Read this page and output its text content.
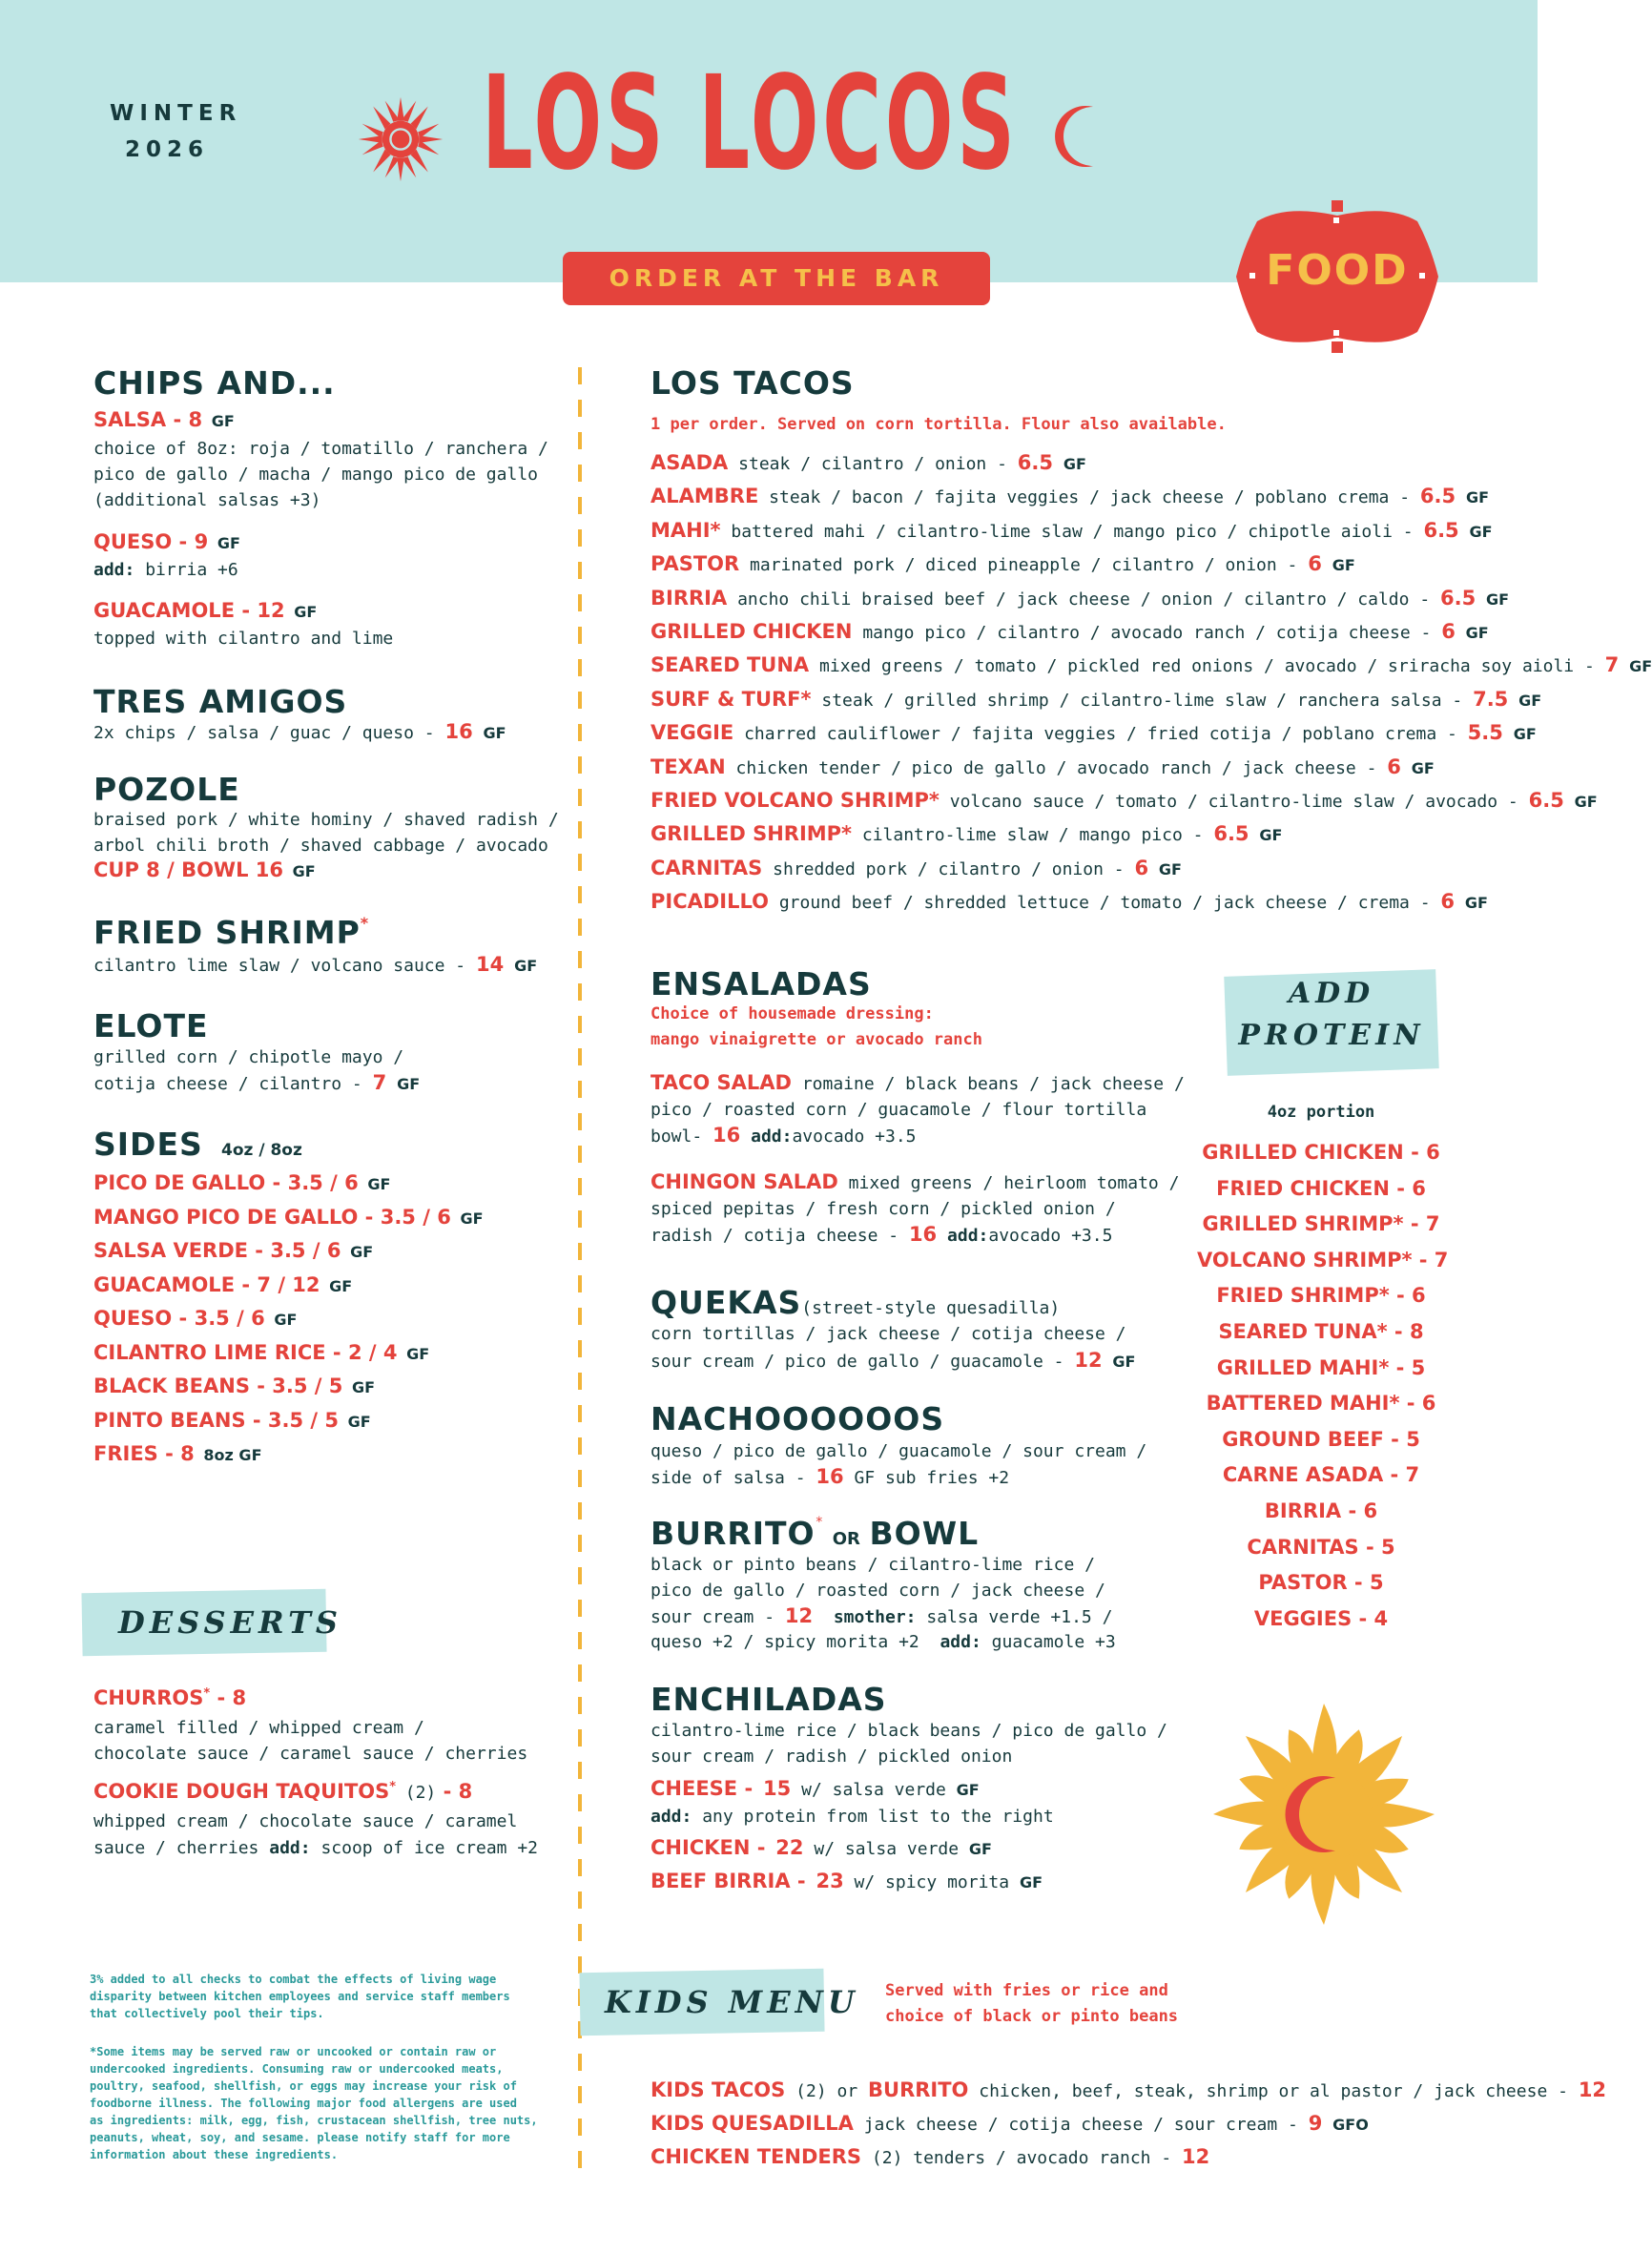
WINTER
2026 LOS LOCOS
ORDER AT THE BAR	FOOD
CHIPS AND...
SALSA - 8 GF
choice of 8oz: roja / tomatillo / ranchera /
pico de gallo / macha / mango pico de gallo
(additional salsas +3)
QUESO - 9 GF
add: birria +6
GUACAMOLE - 12 GF
topped with cilantro and lime
TRES AMIGOS
2x chips / salsa / guac / queso - 16 GF
POZOLE
braised pork / white hominy / shaved radish /
arbol chili broth / shaved cabbage / avocado
CUP 8 / BOWL 16 GF
FRIED SHRIMP*
cilantro lime slaw / volcano sauce - 14 GF
ELOTE
grilled corn / chipotle mayo /
cotija cheese / cilantro - 7 GF
SIDES 4oz / 8oz
PICO DE GALLO - 3.5 / 6 GF
MANGO PICO DE GALLO - 3.5 / 6 GF
SALSA VERDE - 3.5 / 6 GF
GUACAMOLE - 7 / 12 GF
QUESO - 3.5 / 6 GF
CILANTRO LIME RICE - 2 / 4 GF
BLACK BEANS - 3.5 / 5 GF
PINTO BEANS - 3.5 / 5 GF
FRIES - 8 8oz GF
DESSERTS
CHURROS* - 8
caramel filled / whipped cream /
chocolate sauce / caramel sauce / cherries
COOKIE DOUGH TAQUITOS* (2) - 8
whipped cream / chocolate sauce / caramel
sauce / cherries add: scoop of ice cream +2
3% added to all checks to combat the effects of living wage
disparity between kitchen employees and service staff members
that collectively pool their tips.
*Some items may be served raw or uncooked or contain raw or
undercooked ingredients. Consuming raw or undercooked meats,
poultry, seafood, shellfish, or eggs may increase your risk of
foodborne illness. The following major food allergens are used
as ingredients: milk, egg, fish, crustacean shellfish, tree nuts,
peanuts, wheat, soy, and sesame. please notify staff for more
information about these ingredients.
LOS TACOS
1 per order. Served on corn tortilla. Flour also available.
ASADA steak / cilantro / onion - 6.5 GF
ALAMBRE steak / bacon / fajita veggies / jack cheese / poblano crema - 6.5 GF
MAHI* battered mahi / cilantro-lime slaw / mango pico / chipotle aioli - 6.5 GF
PASTOR marinated pork / diced pineapple / cilantro / onion - 6 GF
BIRRIA ancho chili braised beef / jack cheese / onion / cilantro / caldo - 6.5 GF
GRILLED CHICKEN mango pico / cilantro / avocado ranch / cotija cheese - 6 GF
SEARED TUNA mixed greens / tomato / pickled red onions / avocado / sriracha soy aioli - 7 GF
SURF & TURF* steak / grilled shrimp / cilantro-lime slaw / ranchera salsa - 7.5 GF
VEGGIE charred cauliflower / fajita veggies / fried cotija / poblano crema - 5.5 GF
TEXAN chicken tender / pico de gallo / avocado ranch / jack cheese - 6 GF
FRIED VOLCANO SHRIMP* volcano sauce / tomato / cilantro-lime slaw / avocado - 6.5 GF
GRILLED SHRIMP* cilantro-lime slaw / mango pico - 6.5 GF
CARNITAS shredded pork / cilantro / onion - 6 GF
PICADILLO ground beef / shredded lettuce / tomato / jack cheese / crema - 6 GF
ENSALADAS
Choice of housemade dressing:
mango vinaigrette or avocado ranch
TACO SALAD romaine / black beans / jack cheese /
pico / roasted corn / guacamole / flour tortilla
bowl- 16 add:avocado +3.5
CHINGON SALAD mixed greens / heirloom tomato /
spiced pepitas / fresh corn / pickled onion /
radish / cotija cheese - 16 add:avocado +3.5
QUEKAS(street-style quesadilla)
corn tortillas / jack cheese / cotija cheese /
sour cream / pico de gallo / guacamole - 12 GF
NACHOOOOOOS
queso / pico de gallo / guacamole / sour cream /
side of salsa - 16 GF sub fries +2
BURRITO* OR BOWL
black or pinto beans / cilantro-lime rice /
pico de gallo / roasted corn / jack cheese /
sour cream - 12 smother: salsa verde +1.5 /
queso +2 / spicy morita +2 add: guacamole +3
ENCHILADAS
cilantro-lime rice / black beans / pico de gallo /
sour cream / radish / pickled onion
CHEESE - 15 w/ salsa verde GF
add: any protein from list to the right
CHICKEN - 22 w/ salsa verde GF
BEEF BIRRIA - 23 w/ spicy morita GF
ADD
PROTEIN
4oz portion
GRILLED CHICKEN - 6
FRIED CHICKEN - 6
GRILLED SHRIMP* - 7
VOLCANO SHRIMP* - 7
FRIED SHRIMP* - 6
SEARED TUNA* - 8
GRILLED MAHI* - 5
BATTERED MAHI* - 6
GROUND BEEF - 5
CARNE ASADA - 7
BIRRIA - 6
CARNITAS - 5
PASTOR - 5
VEGGIES - 4
KIDS MENU Served with fries or rice and
choice of black or pinto beans
KIDS TACOS (2) or BURRITO chicken, beef, steak, shrimp or al pastor / jack cheese - 12
KIDS QUESADILLA jack cheese / cotija cheese / sour cream - 9 GFO
CHICKEN TENDERS (2) tenders / avocado ranch - 12
